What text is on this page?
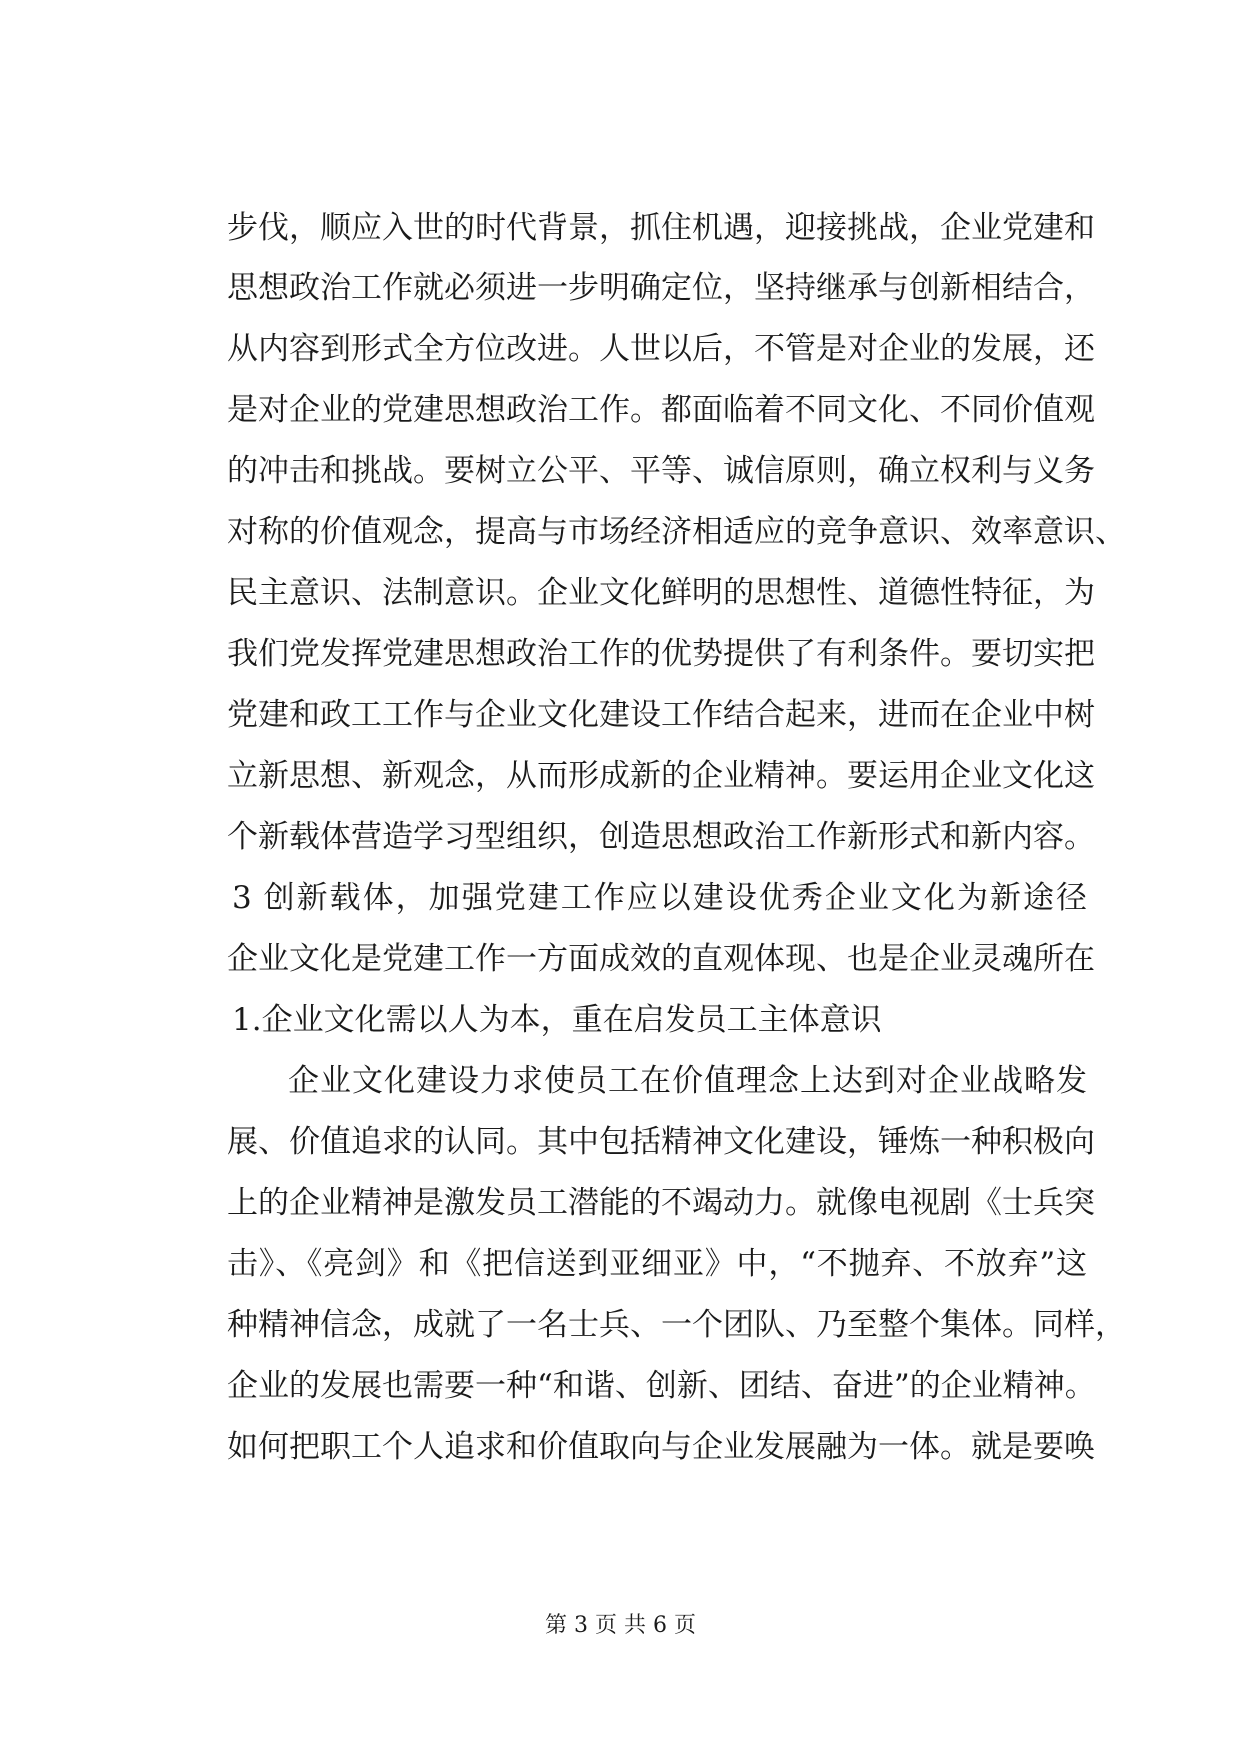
步伐，顺应入世的时代背景，抓住机遇，迎接挑战，企业党建和
思想政治工作就必须进一步明确定位，坚持继承与创新相结合，
从内容到形式全方位改进。人世以后，不管是对企业的发展，还
是对企业的党建思想政治工作。都面临着不同文化、不同价值观
的冲击和挑战。要树立公平、平等、诚信原则，确立权利与义务
对称的价值观念，提高与市场经济相适应的竞争意识、效率意识、
民主意识、法制意识。企业文化鲜明的思想性、道德性特征，为
我们党发挥党建思想政治工作的优势提供了有利条件。要切实把
党建和政工工作与企业文化建设工作结合起来，进而在企业中树
立新思想、新观念，从而形成新的企业精神。要运用企业文化这
个新载体营造学习型组织，创造思想政治工作新形式和新内容。
3 创新载体，加强党建工作应以建设优秀企业文化为新途径
企业文化是党建工作一方面成效的直观体现、也是企业灵魂所在
1.企业文化需以人为本，重在启发员工主体意识
企业文化建设力求使员工在价值理念上达到对企业战略发
展、价值追求的认同。其中包括精神文化建设，锤炼一种积极向
上的企业精神是激发员工潜能的不竭动力。就像电视剧《士兵突
击》、《亮剑》和《把信送到亚细亚》中，“不抛弃、不放弃”这
种精神信念，成就了一名士兵、一个团队、乃至整个集体。同样，
企业的发展也需要一种“和谐、创新、团结、奋进”的企业精神。
如何把职工个人追求和价值取向与企业发展融为一体。就是要唤
第 3 页 共 6 页
